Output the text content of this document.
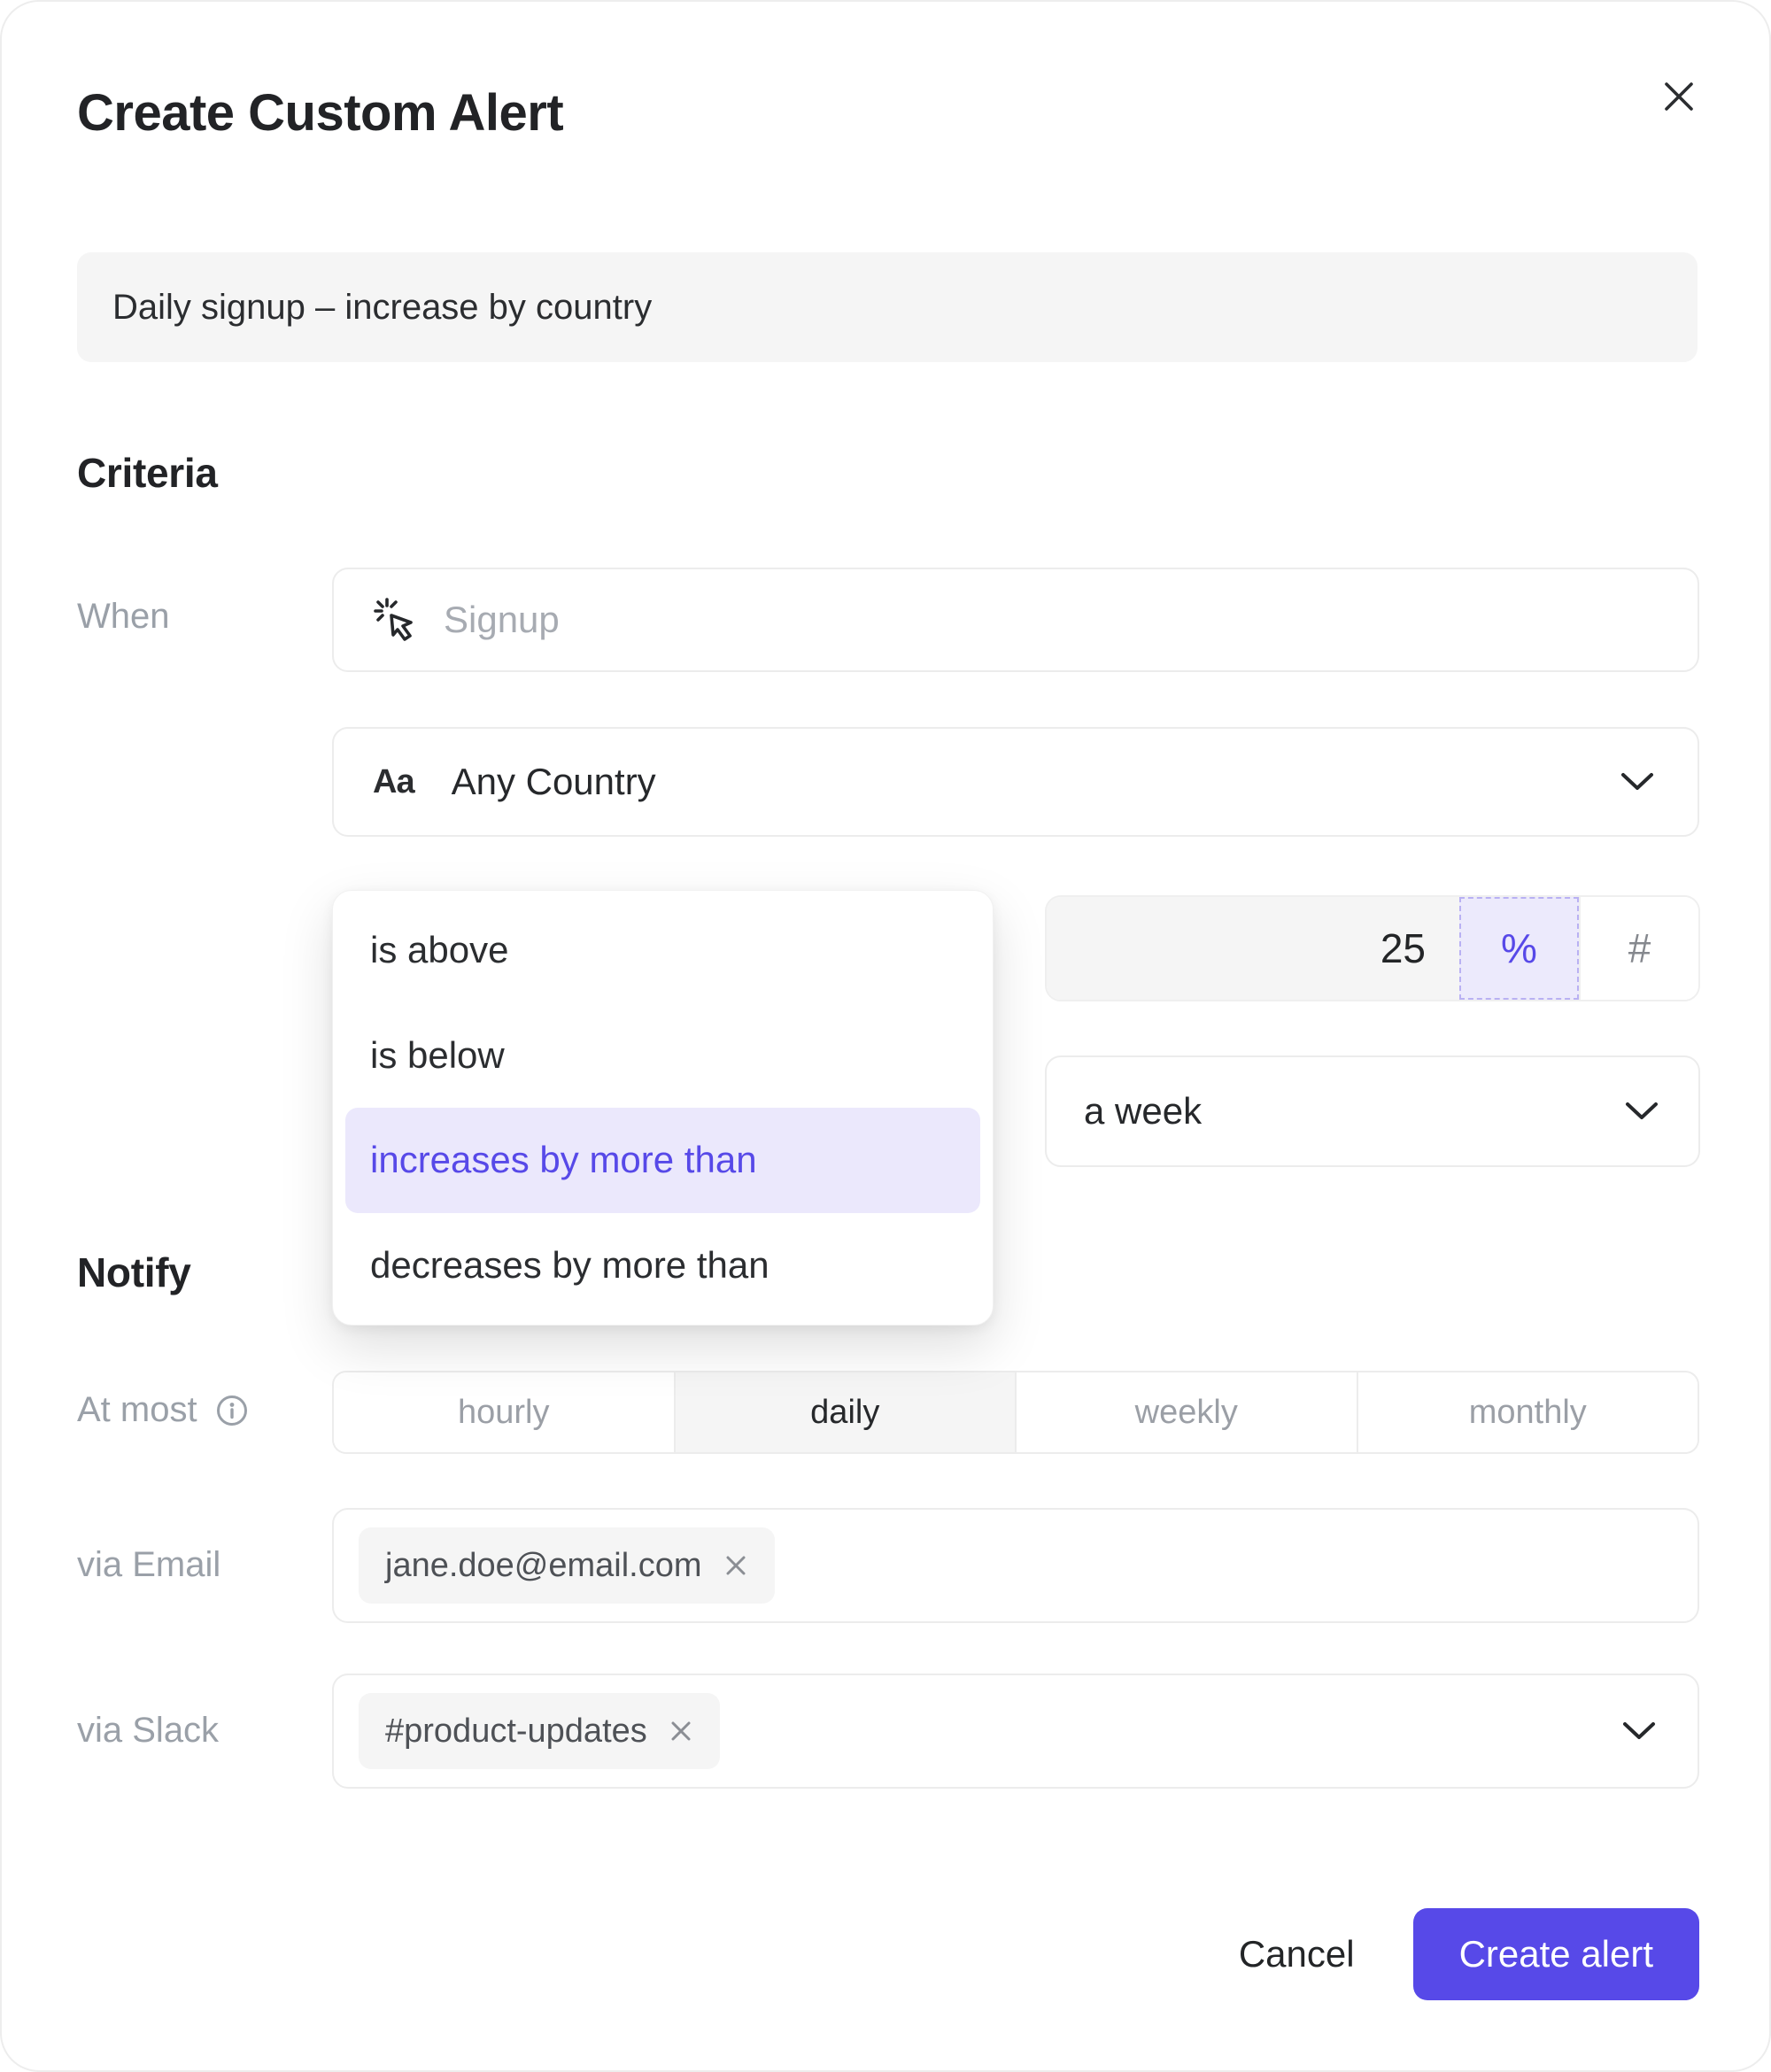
Create Custom Alert
Daily signup – increase by country
Criteria
When	Signup
Aa Any Country
is above
is below
increases by more than
decreases by more than
25	%	#
a week
Notify
At most	hourly	daily	weekly	monthly
via Email	jane.doe@email.com
via Slack	#product-updates
Cancel	Create alert
